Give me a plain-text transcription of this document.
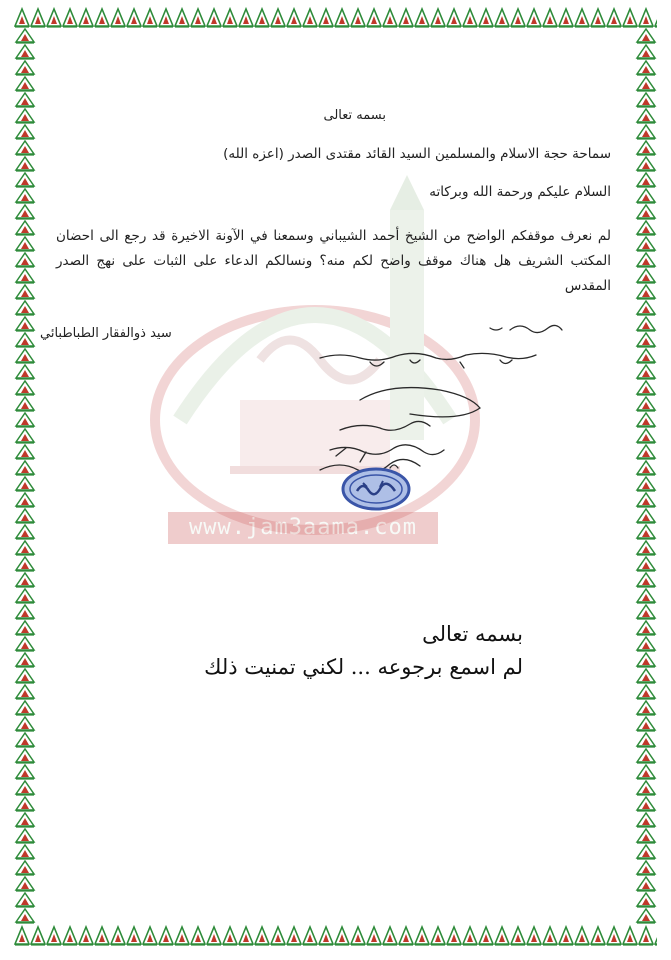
www.jam3aama.com
بسمه تعالى
سماحة حجة الاسلام والمسلمين السيد القائد مقتدى الصدر (اعزه الله)
السلام عليكم ورحمة الله وبركاته
لم نعرف موقفكم الواضح من الشيخ أحمد الشيباني وسمعنا في الآونة الاخيرة قد رجع الى احضان المكتب الشريف هل هناك موقف واضح لكم منه؟ ونسالكم الدعاء على الثبات على نهج الصدر المقدس
سيد ذوالفقار الطباطبائي
بسمه تعالى
لم اسمع برجوعه ... لكني تمنيت ذلك
